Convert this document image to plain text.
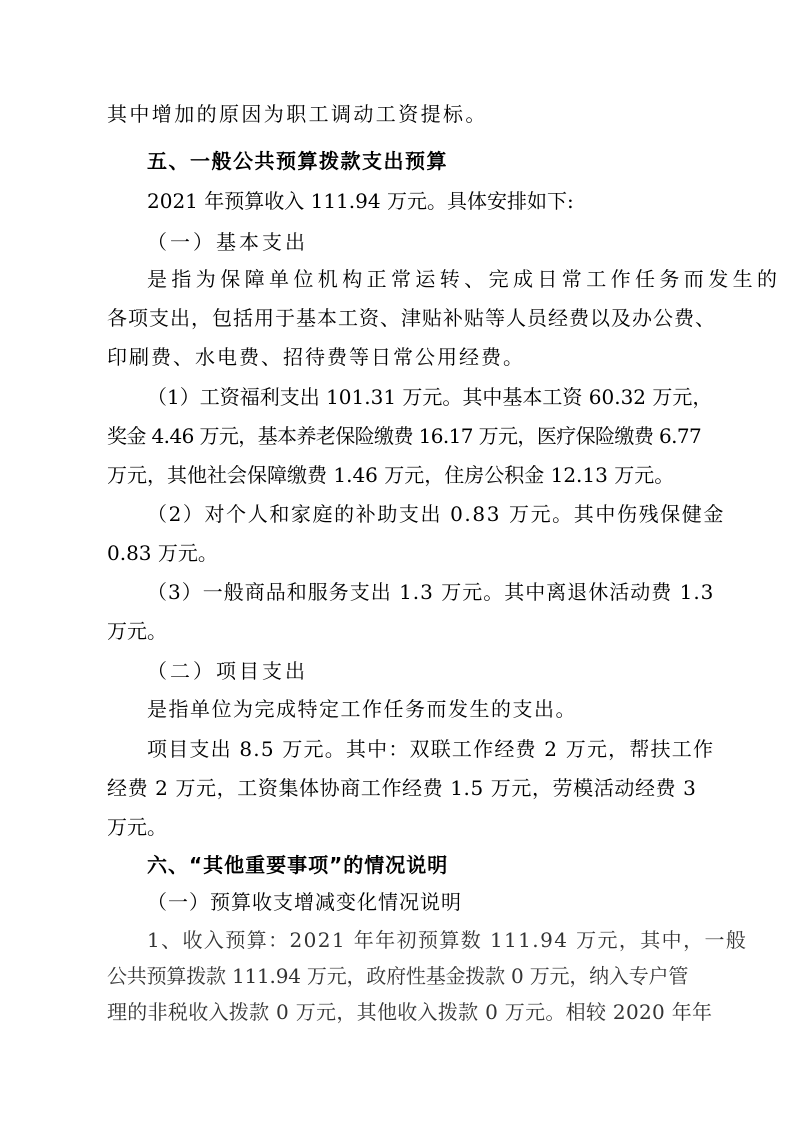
其中增加的原因为职工调动工资提标。
五、一般公共预算拨款支出预算
2021 年预算收入 111.94 万元。具体安排如下:
（一）基本支出
是指为保障单位机构正常运转、完成日常工作任务而发生的
各项支出，包括用于基本工资、津贴补贴等人员经费以及办公费、
印刷费、水电费、招待费等日常公用经费。
（1）工资福利支出 101.31 万元。其中基本工资 60.32 万元，
奖金 4.46 万元，基本养老保险缴费 16.17 万元，医疗保险缴费 6.77
万元，其他社会保障缴费 1.46 万元，住房公积金 12.13 万元。
（2）对个人和家庭的补助支出 0.83 万元。其中伤残保健金
0.83 万元。
（3）一般商品和服务支出 1.3 万元。其中离退休活动费 1.3
万元。
（二）项目支出
是指单位为完成特定工作任务而发生的支出。
项目支出 8.5 万元。其中：双联工作经费 2 万元，帮扶工作
经费 2 万元，工资集体协商工作经费 1.5 万元，劳模活动经费 3
万元。
六、“其他重要事项”的情况说明
（一）预算收支增减变化情况说明
1、收入预算：2021 年年初预算数 111.94 万元，其中，一般
公共预算拨款 111.94 万元，政府性基金拨款 0 万元，纳入专户管
理的非税收入拨款 0 万元，其他收入拨款 0 万元。相较 2020 年年
